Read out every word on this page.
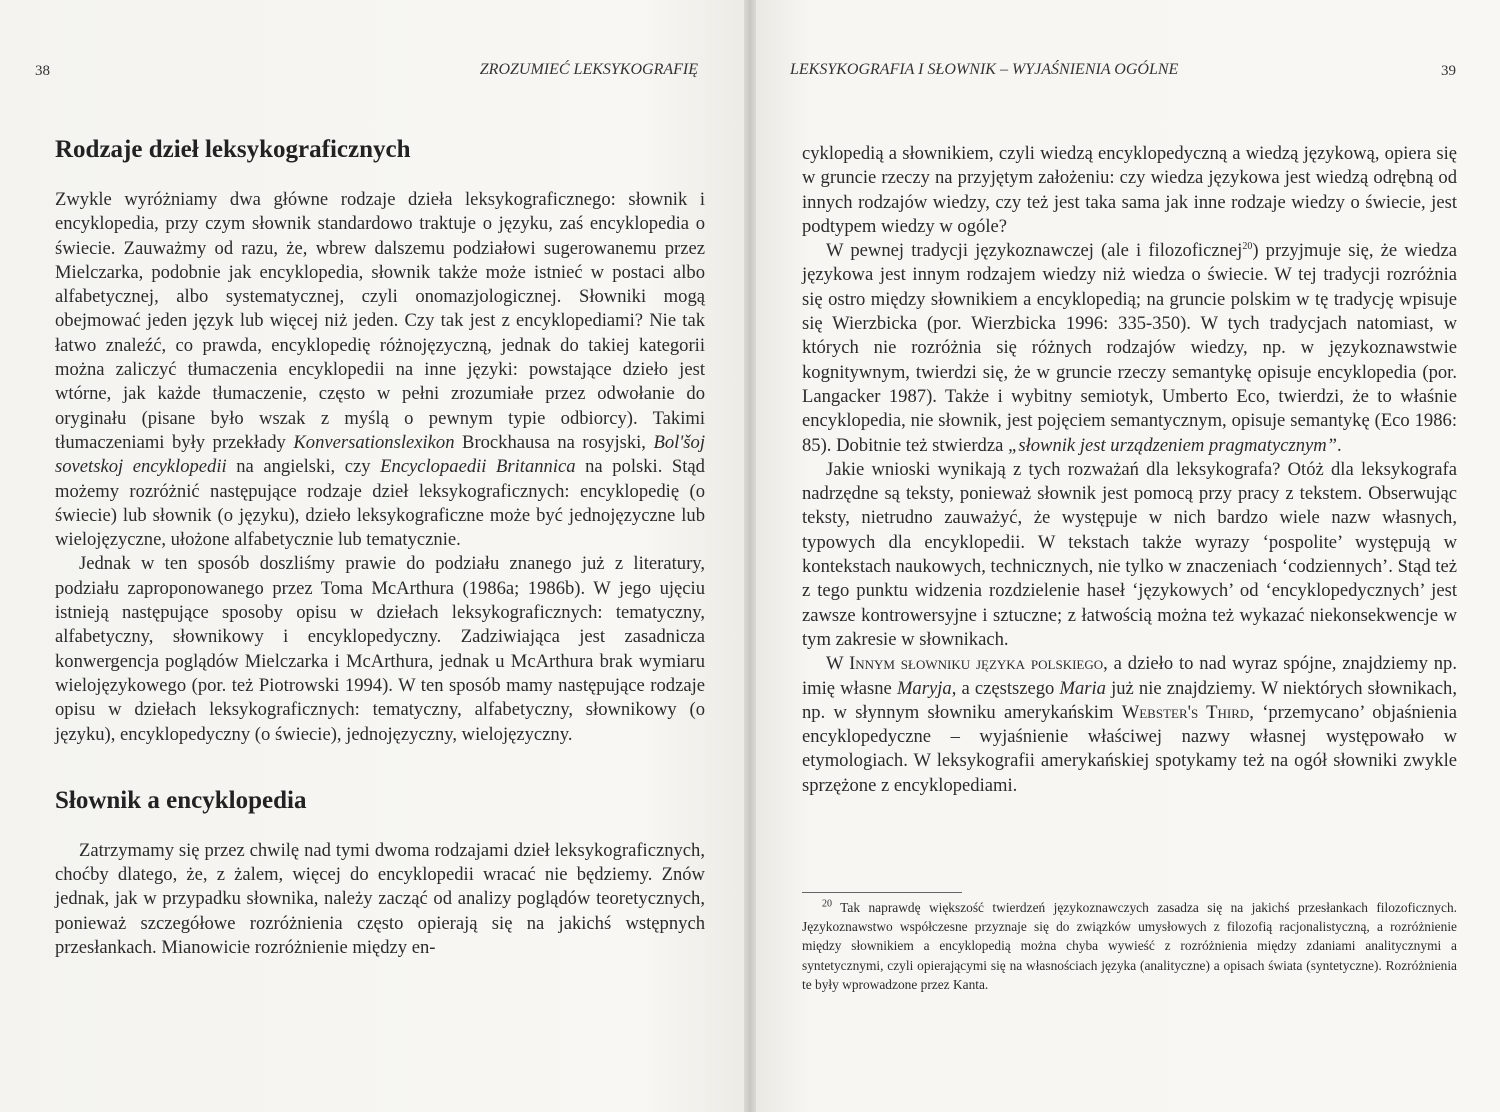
38	ZROZUMIEĆ LEKSYKOGRAFIĘ
Rodzaje dzieł leksykograficznych

Zwykle wyróżniamy dwa główne rodzaje dzieła leksykograficznego: słownik i encyklopedia, przy czym słownik standardowo traktuje o języku, zaś encyklopedia o świecie. Zauważmy od razu, że, wbrew dalszemu podziałowi sugerowanemu przez Mielczarka, podobnie jak encyklopedia, słownik także może istnieć w postaci albo alfabetycznej, albo systematycznej, czyli onomazjologicznej. Słowniki mogą obejmować jeden język lub więcej niż jeden. Czy tak jest z encyklopediami? Nie tak łatwo znaleźć, co prawda, encyklopedię różnojęzyczną, jednak do takiej kategorii można zaliczyć tłumaczenia encyklopedii na inne języki: powstające dzieło jest wtórne, jak każde tłumaczenie, często w pełni zrozumiałe przez odwołanie do oryginału (pisane było wszak z myślą o pewnym typie odbiorcy). Takimi tłumaczeniami były przekłady Konversationslexikon Brockhausa na rosyjski, Bol'šoj sovetskoj encyklopedii na angielski, czy Encyclopaedii Britannica na polski. Stąd możemy rozróżnić następujące rodzaje dzieł leksykograficznych: encyklopedię (o świecie) lub słownik (o języku), dzieło leksykograficzne może być jednojęzyczne lub wielojęzyczne, ułożone alfabetycznie lub tematycznie.

Jednak w ten sposób doszliśmy prawie do podziału znanego już z literatury, podziału zaproponowanego przez Toma McArthura (1986a; 1986b). W jego ujęciu istnieją następujące sposoby opisu w dziełach leksykograficznych: tematyczny, alfabetyczny, słownikowy i encyklopedyczny. Zadziwiająca jest zasadnicza konwergencja poglądów Mielczarka i McArthura, jednak u McArthura brak wymiaru wielojęzykowego (por. też Piotrowski 1994). W ten sposób mamy następujące rodzaje opisu w dziełach leksykograficznych: tematyczny, alfabetyczny, słownikowy (o języku), encyklopedyczny (o świecie), jednojęzyczny, wielojęzyczny.

Słownik a encyklopedia

Zatrzymamy się przez chwilę nad tymi dwoma rodzajami dzieł leksykograficznych, choćby dlatego, że, z żalem, więcej do encyklopedii wracać nie będziemy. Znów jednak, jak w przypadku słownika, należy zacząć od analizy poglądów teoretycznych, ponieważ szczegółowe rozróżnienia często opierają się na jakichś wstępnych przesłankach. Mianowicie rozróżnienie między en-

LEKSYKOGRAFIA I SŁOWNIK – WYJAŚNIENIA OGÓLNE	39

cyklopedią a słownikiem, czyli wiedzą encyklopedyczną a wiedzą językową, opiera się w gruncie rzeczy na przyjętym założeniu: czy wiedza językowa jest wiedzą odrębną od innych rodzajów wiedzy, czy też jest taka sama jak inne rodzaje wiedzy o świecie, jest podtypem wiedzy w ogóle?

W pewnej tradycji językoznawczej (ale i filozoficznej$^{20}$) przyjmuje się, że wiedza językowa jest innym rodzajem wiedzy niż wiedza o świecie. W tej tradycji rozróżnia się ostro między słownikiem a encyklopedią; na gruncie polskim w tę tradycję wpisuje się Wierzbicka (por. Wierzbicka 1996: 335-350). W tych tradycjach natomiast, w których nie rozróżnia się różnych rodzajów wiedzy, np. w językoznawstwie kognitywnym, twierdzi się, że w gruncie rzeczy semantykę opisuje encyklopedia (por. Langacker 1987). Także i wybitny semiotyk, Umberto Eco, twierdzi, że to właśnie encyklopedia, nie słownik, jest pojęciem semantycznym, opisuje semantykę (Eco 1986: 85). Dobitnie też stwierdza „słownik jest urządzeniem pragmatycznym”.

Jakie wnioski wynikają z tych rozważań dla leksykografa? Otóż dla leksykografa nadrzędne są teksty, ponieważ słownik jest pomocą przy pracy z tekstem. Obserwując teksty, nietrudno zauważyć, że występuje w nich bardzo wiele nazw własnych, typowych dla encyklopedii. W tekstach także wyrazy ‘pospolite’ występują w kontekstach naukowych, technicznych, nie tylko w znaczeniach ‘codziennych’. Stąd też z tego punktu widzenia rozdzielenie haseł ‘językowych’ od ‘encyklopedycznych’ jest zawsze kontrowersyjne i sztuczne; z łatwością można też wykazać niekonsekwencje w tym zakresie w słownikach.

W Innym słowniku języka polskiego, a dzieło to nad wyraz spójne, znajdziemy np. imię własne Maryja, a częstszego Maria już nie znajdziemy. W niektórych słownikach, np. w słynnym słowniku amerykańskim Webster's Third, ‘przemycano’ objaśnienia encyklopedyczne – wyjaśnienie właściwej nazwy własnej występowało w etymologiach. W leksykografii amerykańskiej spotykamy też na ogół słowniki zwykle sprzężone z encyklopediami.

$^{20}$ Tak naprawdę większość twierdzeń językoznawczych zasadza się na jakichś przesłankach filozoficznych. Językoznawstwo współczesne przyznaje się do związków umysłowych z filozofią racjonalistyczną, a rozróżnienie między słownikiem a encyklopedią można chyba wywieść z rozróżnienia między zdaniami analitycznymi a syntetycznymi, czyli opierającymi się na własnościach języka (analityczne) a opisach świata (syntetyczne). Rozróżnienia te były wprowadzone przez Kanta.
